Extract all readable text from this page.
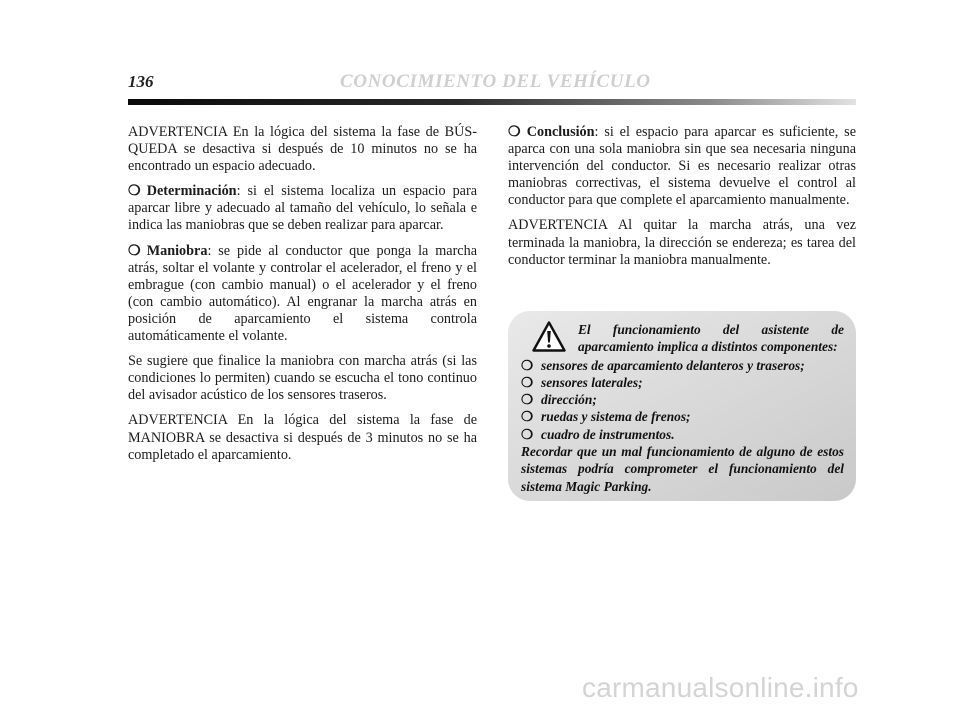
136	CONOCIMIENTO DEL VEHÍCULO

ADVERTENCIA En la lógica del sistema la fase de BÚS-QUEDA se desactiva si después de 10 minutos no se ha encontrado un espacio adecuado.

❍ Determinación: si el sistema localiza un espacio para aparcar libre y adecuado al tamaño del vehículo, lo señala e indica las maniobras que se deben realizar para aparcar.

❍ Maniobra: se pide al conductor que ponga la marcha atrás, soltar el volante y controlar el acelerador, el freno y el embrague (con cambio manual) o el acelerador y el freno (con cambio automático). Al engranar la marcha atrás en posición de aparcamiento el sistema controla automáticamente el volante.

Se sugiere que finalice la maniobra con marcha atrás (si las condiciones lo permiten) cuando se escucha el tono continuo del avisador acústico de los sensores traseros.

ADVERTENCIA En la lógica del sistema la fase de MANIOBRA se desactiva si después de 3 minutos no se ha completado el aparcamiento.

❍ Conclusión: si el espacio para aparcar es suficiente, se aparca con una sola maniobra sin que sea necesaria ninguna intervención del conductor. Si es necesario realizar otras maniobras correctivas, el sistema devuelve el control al conductor para que complete el aparcamiento manualmente.

ADVERTENCIA Al quitar la marcha atrás, una vez terminada la maniobra, la dirección se endereza; es tarea del conductor terminar la maniobra manualmente.

El funcionamiento del asistente de aparcamiento implica a distintos componentes:
❍ sensores de aparcamiento delanteros y traseros;
❍ sensores laterales;
❍ dirección;
❍ ruedas y sistema de frenos;
❍ cuadro de instrumentos.
Recordar que un mal funcionamiento de alguno de estos sistemas podría comprometer el funcionamiento del sistema Magic Parking.
carmanualsonline.info
